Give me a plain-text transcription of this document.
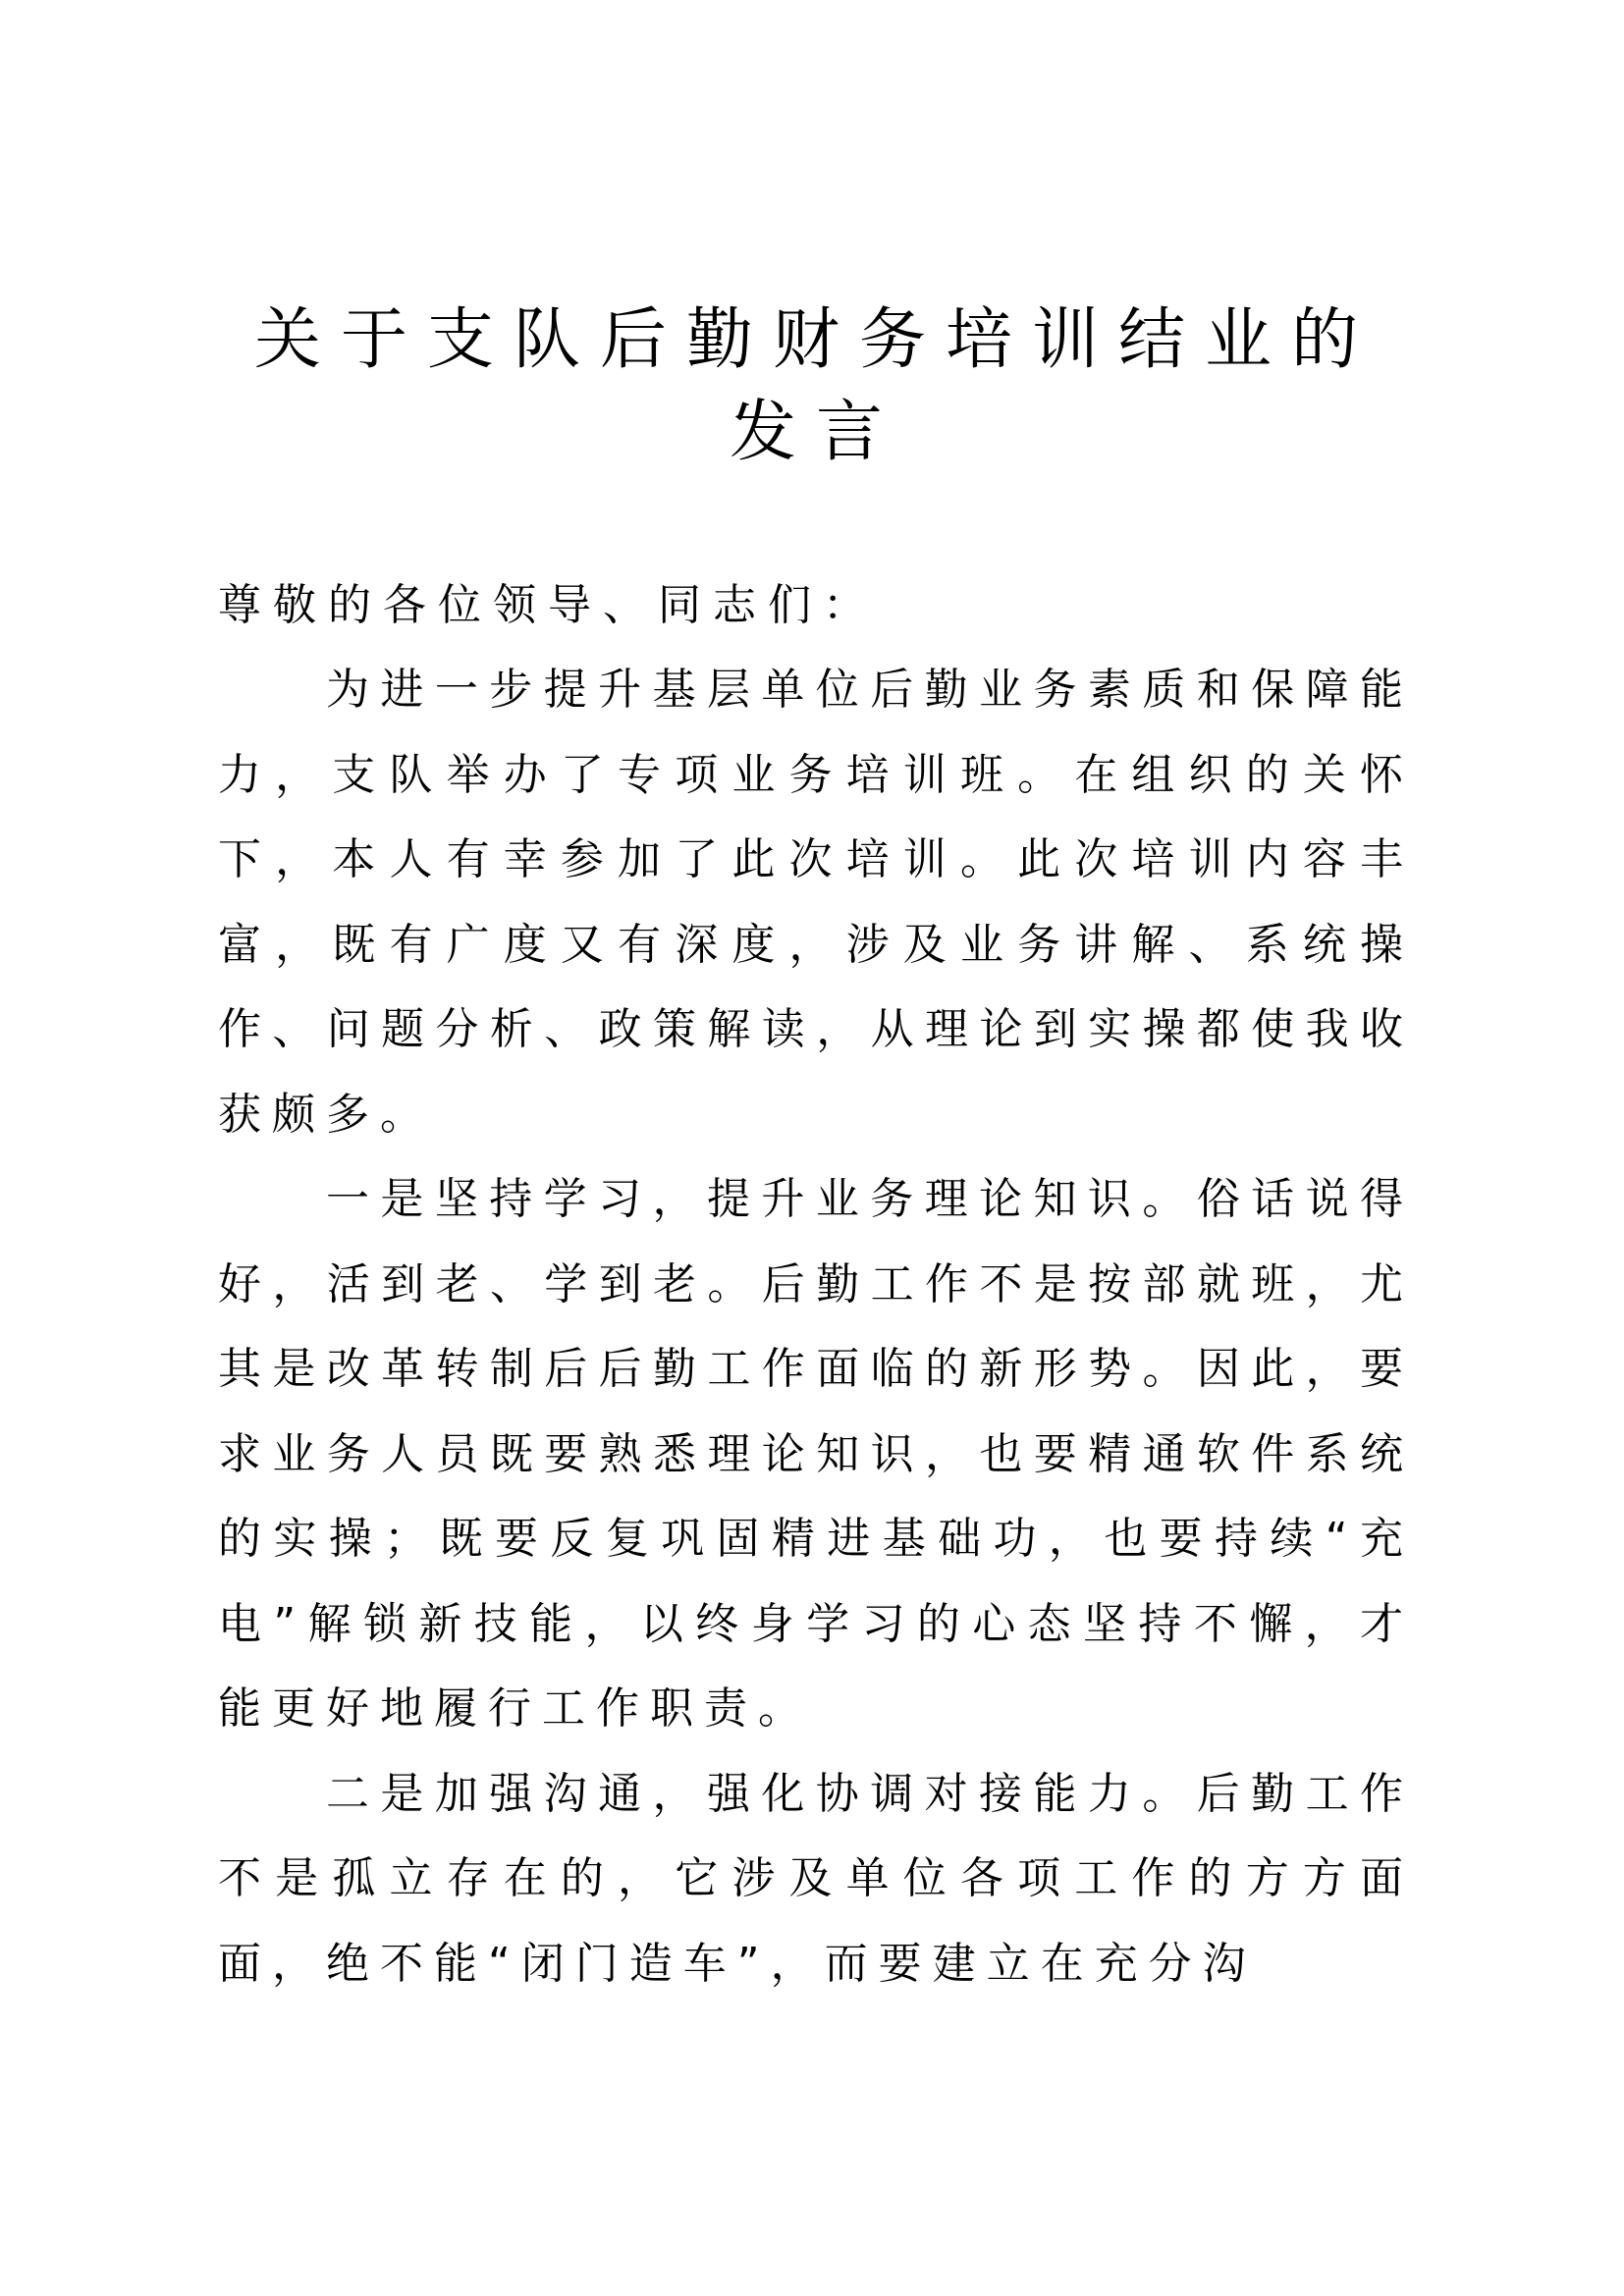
关于支队后勤财务培训结业的发言

尊敬的各位领导、同志们：

为进一步提升基层单位后勤业务素质和保障能力，支队举办了专项业务培训班。在组织的关怀下，本人有幸参加了此次培训。此次培训内容丰富，既有广度又有深度，涉及业务讲解、系统操作、问题分析、政策解读，从理论到实操都使我收获颇多。

一是坚持学习，提升业务理论知识。俗话说得好，活到老、学到老。后勤工作不是按部就班，尤其是改革转制后后勤工作面临的新形势。因此，要求业务人员既要熟悉理论知识，也要精通软件系统的实操；既要反复巩固精进基础功，也要持续“充电”解锁新技能，以终身学习的心态坚持不懈，才能更好地履行工作职责。

二是加强沟通，强化协调对接能力。后勤工作不是孤立存在的，它涉及单位各项工作的方方面面，绝不能“闭门造车”，而要建立在充分沟
